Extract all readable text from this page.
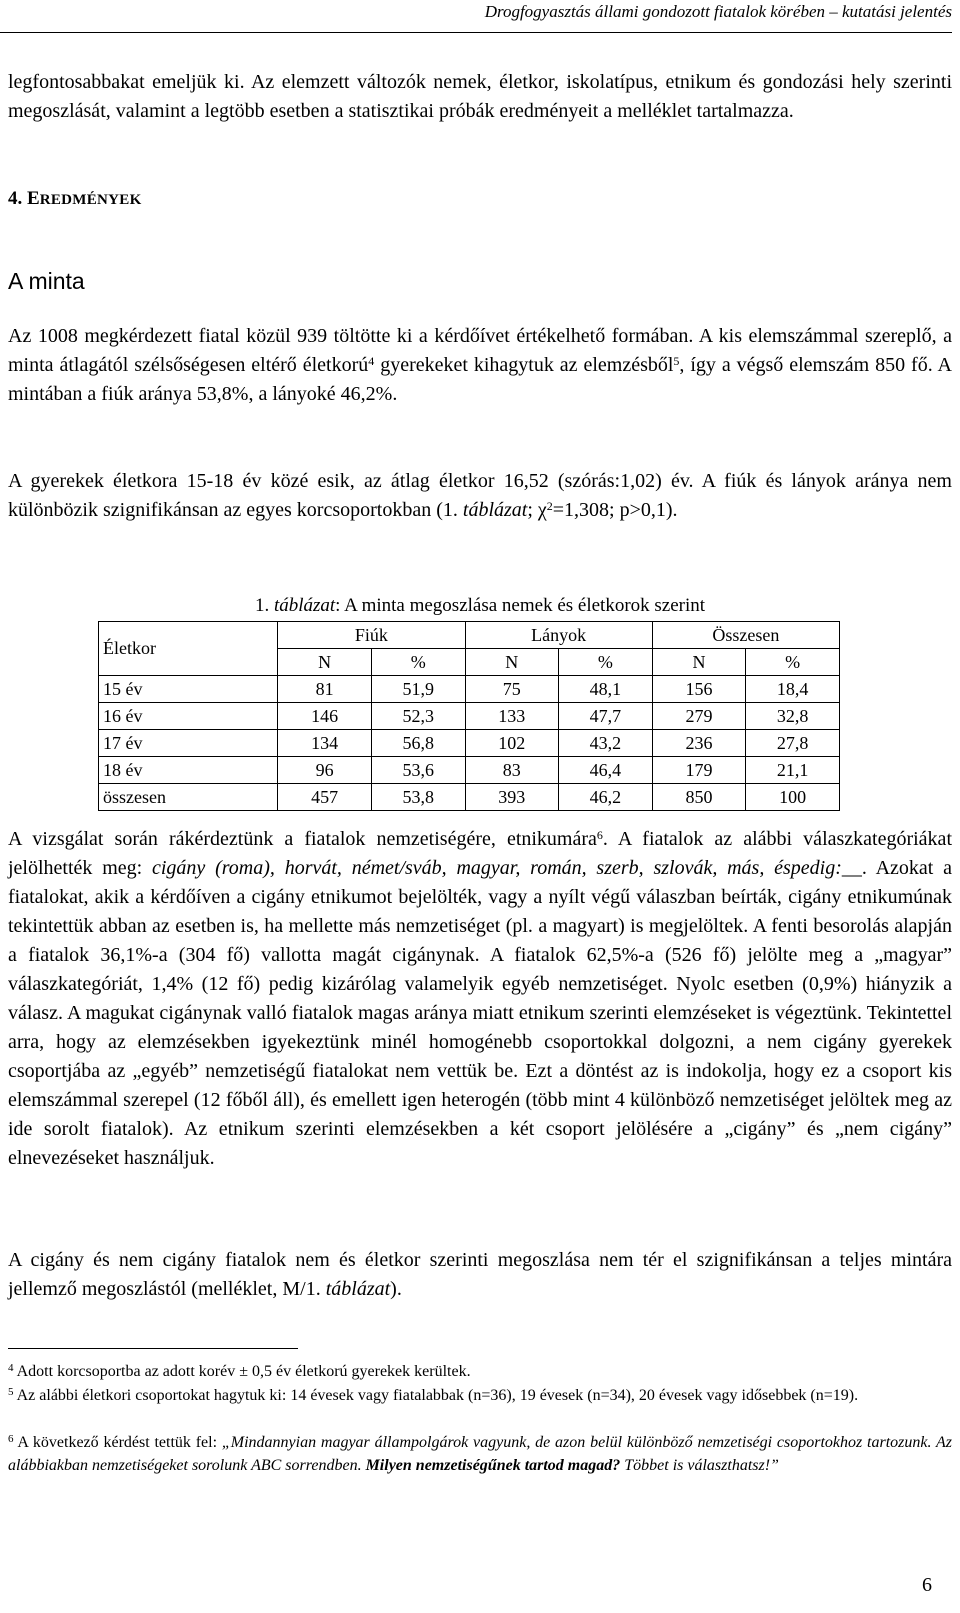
Drogfogyasztás állami gondozott fiatalok körében – kutatási jelentés
legfontosabbakat emeljük ki. Az elemzett változók nemek, életkor, iskolatípus, etnikum és gondozási hely szerinti megoszlását, valamint a legtöbb esetben a statisztikai próbák eredményeit a melléklet tartalmazza.
4. EREDMÉNYEK
A minta
Az 1008 megkérdezett fiatal közül 939 töltötte ki a kérdőívet értékelhető formában. A kis elemszámmal szereplő, a minta átlagától szélsőségesen eltérő életkorú$^4$ gyerekeket kihagytuk az elemzésből$^5$, így a végső elemszám 850 fő. A mintában a fiúk aránya 53,8%, a lányoké 46,2%.
A gyerekek életkora 15-18 év közé esik, az átlag életkor 16,52 (szórás:1,02) év. A fiúk és lányok aránya nem különbözik szignifikánsan az egyes korcsoportokban (1. táblázat; $\chi^2=1,308$; p>0,1).
1. táblázat: A minta megoszlása nemek és életkorok szerint
Életkor	Fiúk		Lányok		Összesen	
	N	%	N	%	N	%
15 év	81	51,9	75	48,1	156	18,4
16 év	146	52,3	133	47,7	279	32,8
17 év	134	56,8	102	43,2	236	27,8
18 év	96	53,6	83	46,4	179	21,1
összesen	457	53,8	393	46,2	850	100
A vizsgálat során rákérdeztünk a fiatalok nemzetiségére, etnikumára$^6$. A fiatalok az alábbi válaszkategóriákat jelölhették meg: cigány (roma), horvát, német/sváb, magyar, román, szerb, szlovák, más, éspedig:__. Azokat a fiatalokat, akik a kérdőíven a cigány etnikumot bejelölték, vagy a nyílt végű válaszban beírták, cigány etnikumúnak tekintettük abban az esetben is, ha mellette más nemzetiséget (pl. a magyart) is megjelöltek. A fenti besorolás alapján a fiatalok 36,1%-a (304 fő) vallotta magát cigánynak. A fiatalok 62,5%-a (526 fő) jelölte meg a „magyar” válaszkategóriát, 1,4% (12 fő) pedig kizárólag valamelyik egyéb nemzetiséget. Nyolc esetben (0,9%) hiányzik a válasz. A magukat cigánynak valló fiatalok magas aránya miatt etnikum szerinti elemzéseket is végeztünk. Tekintettel arra, hogy az elemzésekben igyekeztünk minél homogénebb csoportokkal dolgozni, a nem cigány gyerekek csoportjába az „egyéb” nemzetiségű fiatalokat nem vettük be. Ezt a döntést az is indokolja, hogy ez a csoport kis elemszámmal szerepel (12 főből áll), és emellett igen heterogén (több mint 4 különböző nemzetiséget jelöltek meg az ide sorolt fiatalok). Az etnikum szerinti elemzésekben a két csoport jelölésére a „cigány” és „nem cigány” elnevezéseket használjuk.
A cigány és nem cigány fiatalok nem és életkor szerinti megoszlása nem tér el szignifikánsan a teljes mintára jellemző megoszlástól (melléklet, M/1. táblázat).
$^4$ Adott korcsoportba az adott korév ± 0,5 év életkorú gyerekek kerültek.
$^5$ Az alábbi életkori csoportokat hagytuk ki: 14 évesek vagy fiatalabbak (n=36), 19 évesek (n=34), 20 évesek vagy idősebbek (n=19).
$^6$ A következő kérdést tettük fel: „Mindannyian magyar állampolgárok vagyunk, de azon belül különböző nemzetiségi csoportokhoz tartozunk. Az alábbiakban nemzetiségeket sorolunk ABC sorrendben. Milyen nemzetiségűnek tartod magad? Többet is választhatsz!”
6
